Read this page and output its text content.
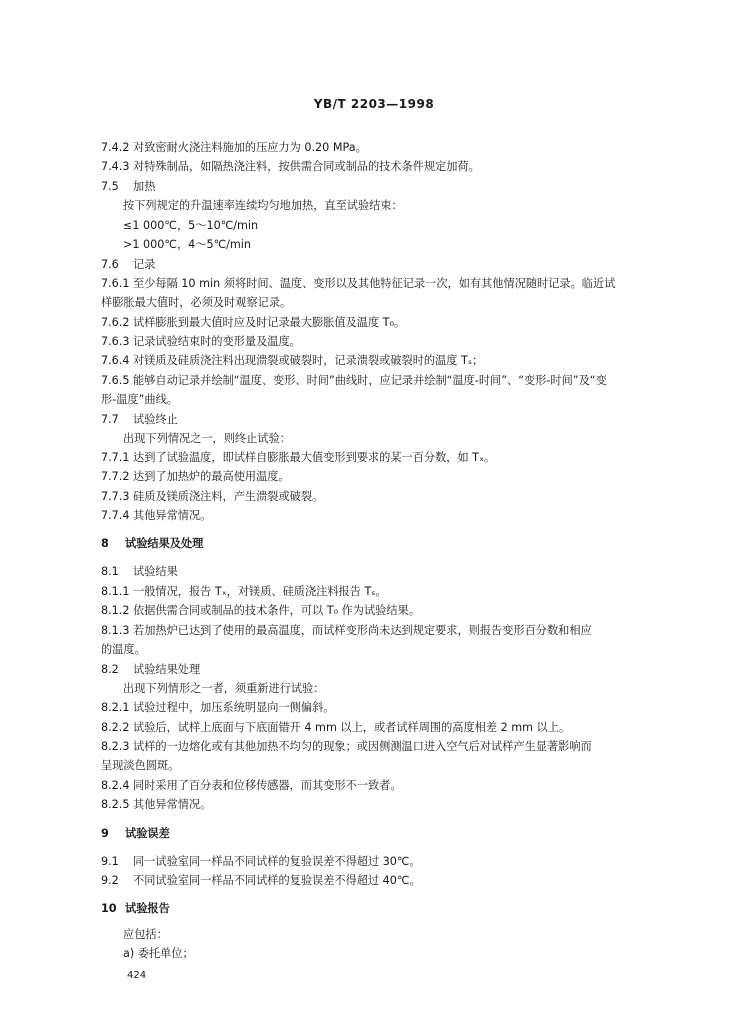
YB/T 2203—1998
7.4.2 对致密耐火浇注料施加的压应力为 0.20 MPa。
7.4.3 对特殊制品，如隔热浇注料，按供需合同或制品的技术条件规定加荷。
7.5 加热
按下列规定的升温速率连续均匀地加热，直至试验结束：
≤1 000℃，5～10℃/min
>1 000℃，4～5℃/min
7.6 记录
7.6.1 至少每隔 10 min 须将时间、温度、变形以及其他特征记录一次，如有其他情况随时记录。临近试
样膨胀最大值时，必须及时观察记录。
7.6.2 试样膨胀到最大值时应及时记录最大膨胀值及温度 T₀。
7.6.3 记录试验结束时的变形量及温度。
7.6.4 对镁质及硅质浇注料出现溃裂或破裂时，记录溃裂或破裂时的温度 Tₛ；
7.6.5 能够自动记录并绘制“温度、变形、时间”曲线时，应记录并绘制“温度-时间”、“变形-时间”及“变
形-温度”曲线。
7.7 试验终止
出现下列情况之一，则终止试验：
7.7.1 达到了试验温度，即试样自膨胀最大值变形到要求的某一百分数，如 Tₓ。
7.7.2 达到了加热炉的最高使用温度。
7.7.3 硅质及镁质浇注料，产生溃裂或破裂。
7.7.4 其他异常情况。
8 试验结果及处理
8.1 试验结果
8.1.1 一般情况，报告 Tₓ，对镁质、硅质浇注料报告 Tₛ。
8.1.2 依据供需合同或制品的技术条件，可以 T₀ 作为试验结果。
8.1.3 若加热炉已达到了使用的最高温度，而试样变形尚未达到规定要求，则报告变形百分数和相应
的温度。
8.2 试验结果处理
出现下列情形之一者，须重新进行试验：
8.2.1 试验过程中，加压系统明显向一侧偏斜。
8.2.2 试验后，试样上底面与下底面错开 4 mm 以上，或者试样周围的高度相差 2 mm 以上。
8.2.3 试样的一边熔化或有其他加热不均匀的现象；或因侧测温口进入空气后对试样产生显著影响而
呈现淡色圆斑。
8.2.4 同时采用了百分表和位移传感器，而其变形不一致者。
8.2.5 其他异常情况。
9 试验误差
9.1 同一试验室同一样品不同试样的复验误差不得超过 30℃。
9.2 不同试验室同一样品不同试样的复验误差不得超过 40℃。
10 试验报告
应包括：
a) 委托单位；
424
